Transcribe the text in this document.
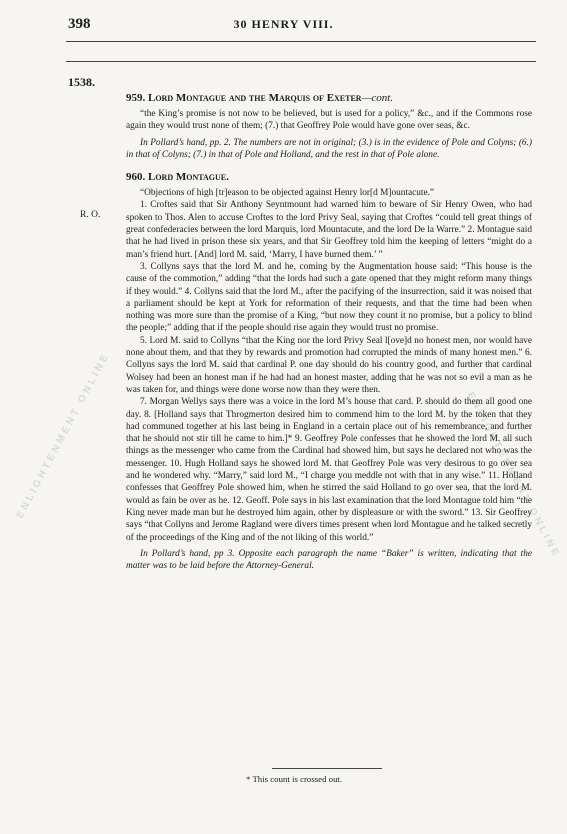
ENLIGHTENMENT ONLINE	ENLIGHTENMENT ONLINE
398	30 HENRY VIII.
1538.
R. O.
959. Lord Montague and the Marquis of Exeter—cont.

“the King’s promise is not now to be believed, but is used for a policy,” &c., and if the Commons rose again they would trust none of them; (7.) that Geoffrey Pole would have gone over seas, &c.

In Pollard’s hand, pp. 2. The numbers are not in original; (3.) is in the evidence of Pole and Colyns; (6.) in that of Colyns; (7.) in that of Pole and Holland, and the rest in that of Pole alone.

960. Lord Montague.

“Objections of high [tr]eason to be objected against Henry lor[d M]ountacute.”

1. Croftes said that Sir Anthony Seyntmount had warned him to beware of Sir Henry Owen, who had spoken to Thos. Alen to accuse Croftes to the lord Privy Seal, saying that Croftes “could tell great things of great confederacies between the lord Marquis, lord Mountacute, and the lord De la Warre.” 2. Montague said that he had lived in prison these six years, and that Sir Geoffrey told him the keeping of letters “might do a man’s friend hurt. [And] lord M. said, ‘Marry, I have burned them.’ ”

3. Collyns says that the lord M. and he, coming by the Augmentation house said: “This house is the cause of the commotion,” adding “that the lords had such a gate opened that they might reform many things if they would.” 4. Collyns said that the lord M., after the pacifying of the insurrection, said it was noised that a parliament should be kept at York for reformation of their requests, and that the time had been when nothing was more sure than the promise of a King, “but now they count it no promise, but a policy to blind the people;” adding that if the people should rise again they would trust no promise.

5. Lord M. said to Collyns “that the King nor the lord Privy Seal l[ove]d no honest men, nor would have none about them, and that they by rewards and promotion had corrupted the minds of many honest men.” 6. Collyns says the lord M. said that cardinal P. one day should do his country good, and further that cardinal Wolsey had been an honest man if he had had an honest master, adding that he was not so evil a man as he was taken for, and things were done worse now than they were then.

7. Morgan Wellys says there was a voice in the lord M’s house that card. P. should do them all good one day. 8. [Holland says that Throgmerton desired him to commend him to the lord M. by the token that they had communed together at his last being in England in a certain place out of his remembrance, and further that he should not stir till he came to him.]* 9. Geoffrey Pole confesses that he showed the lord M. all such things as the messenger who came from the Cardinal had showed him, but says he declared not who was the messenger. 10. Hugh Holland says he showed lord M. that Geoffrey Pole was very desirous to go over sea and he wondered why. “Marry,” said lord M., “I charge you meddle not with that in any wise.” 11. Holland confesses that Geoffrey Pole showed him, when he stirred the said Holland to go over sea, that the lord M. would as fain be over as he. 12. Geoff. Pole says in his last examination that the lord Montague told him “the King never made man but he destroyed him again, other by displeasure or with the sword.” 13. Sir Geoffrey says “that Collyns and Jerome Ragland were divers times present when lord Montague and he talked secretly of the proceedings of the King and of the not liking of this world.”

In Pollard’s hand, pp 3. Opposite each paragraph the name “Baker” is written, indicating that the matter was to be laid before the Attorney-General.

* This count is crossed out.
